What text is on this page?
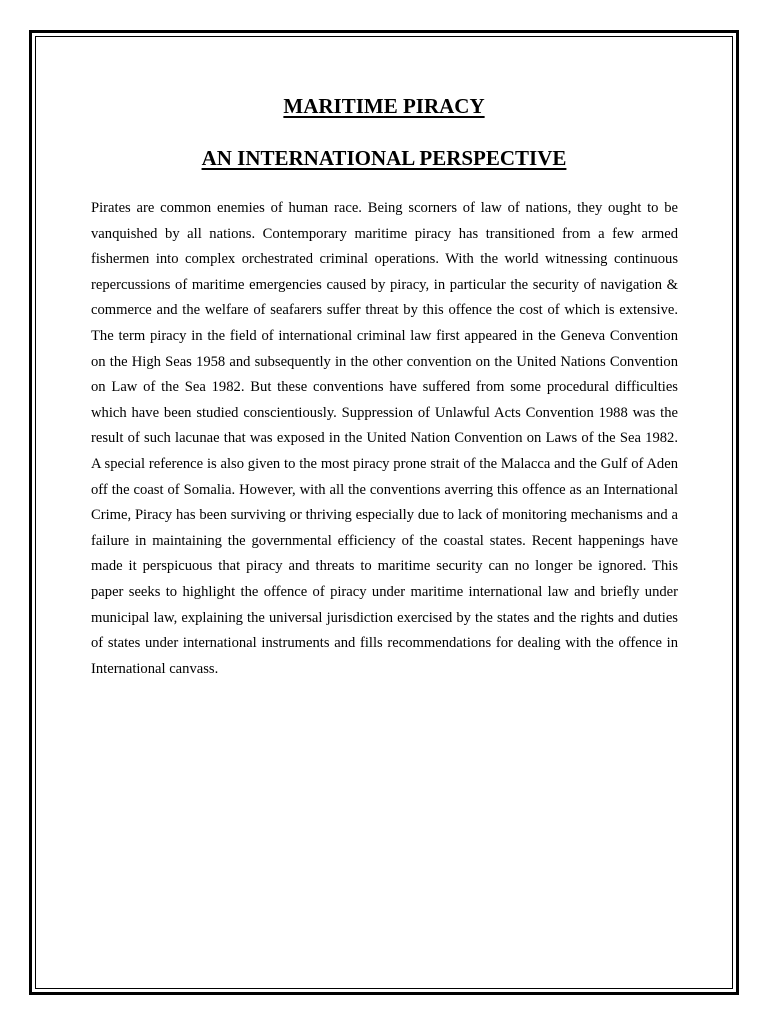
MARITIME PIRACY
AN INTERNATIONAL PERSPECTIVE

Pirates are common enemies of human race. Being scorners of law of nations, they ought to be vanquished by all nations. Contemporary maritime piracy has transitioned from a few armed fishermen into complex orchestrated criminal operations. With the world witnessing continuous repercussions of maritime emergencies caused by piracy, in particular the security of navigation & commerce and the welfare of seafarers suffer threat by this offence the cost of which is extensive. The term piracy in the field of international criminal law first appeared in the Geneva Convention on the High Seas 1958 and subsequently in the other convention on the United Nations Convention on Law of the Sea 1982. But these conventions have suffered from some procedural difficulties which have been studied conscientiously. Suppression of Unlawful Acts Convention 1988 was the result of such lacunae that was exposed in the United Nation Convention on Laws of the Sea 1982. A special reference is also given to the most piracy prone strait of the Malacca and the Gulf of Aden off the coast of Somalia. However, with all the conventions averring this offence as an International Crime, Piracy has been surviving or thriving especially due to lack of monitoring mechanisms and a failure in maintaining the governmental efficiency of the coastal states. Recent happenings have made it perspicuous that piracy and threats to maritime security can no longer be ignored. This paper seeks to highlight the offence of piracy under maritime international law and briefly under municipal law, explaining the universal jurisdiction exercised by the states and the rights and duties of states under international instruments and fills recommendations for dealing with the offence in International canvass.
